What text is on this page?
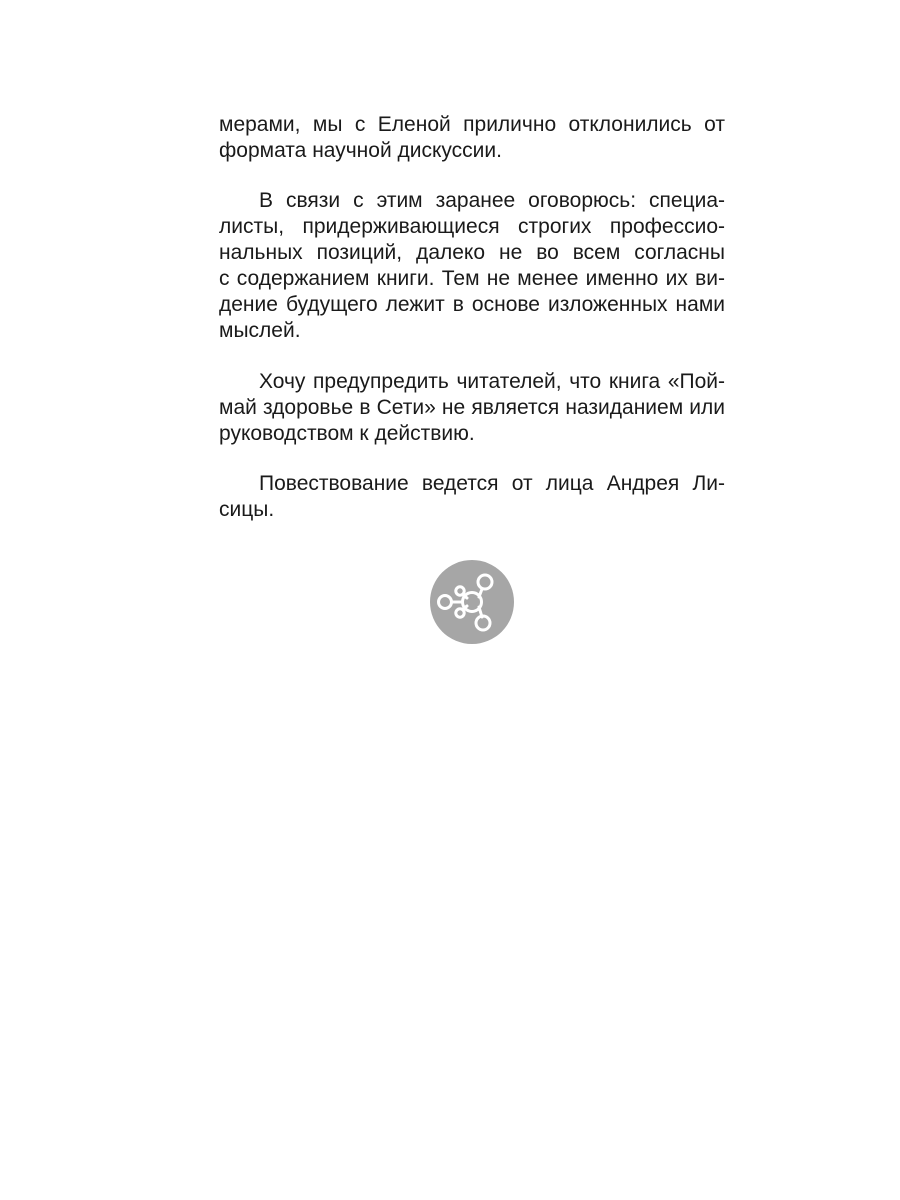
мерами, мы с Еленой прилично отклонились от
формата научной дискуссии.

В связи с этим заранее оговорюсь: специа-
листы, придерживающиеся строгих профессио-
нальных позиций, далеко не во всем согласны
с содержанием книги. Тем не менее именно их ви-
дение будущего лежит в основе изложенных нами
мыслей.

Хочу предупредить читателей, что книга «Пой-
май здоровье в Сети» не является назиданием или
руководством к действию.

Повествование ведется от лица Андрея Ли-
сицы.
